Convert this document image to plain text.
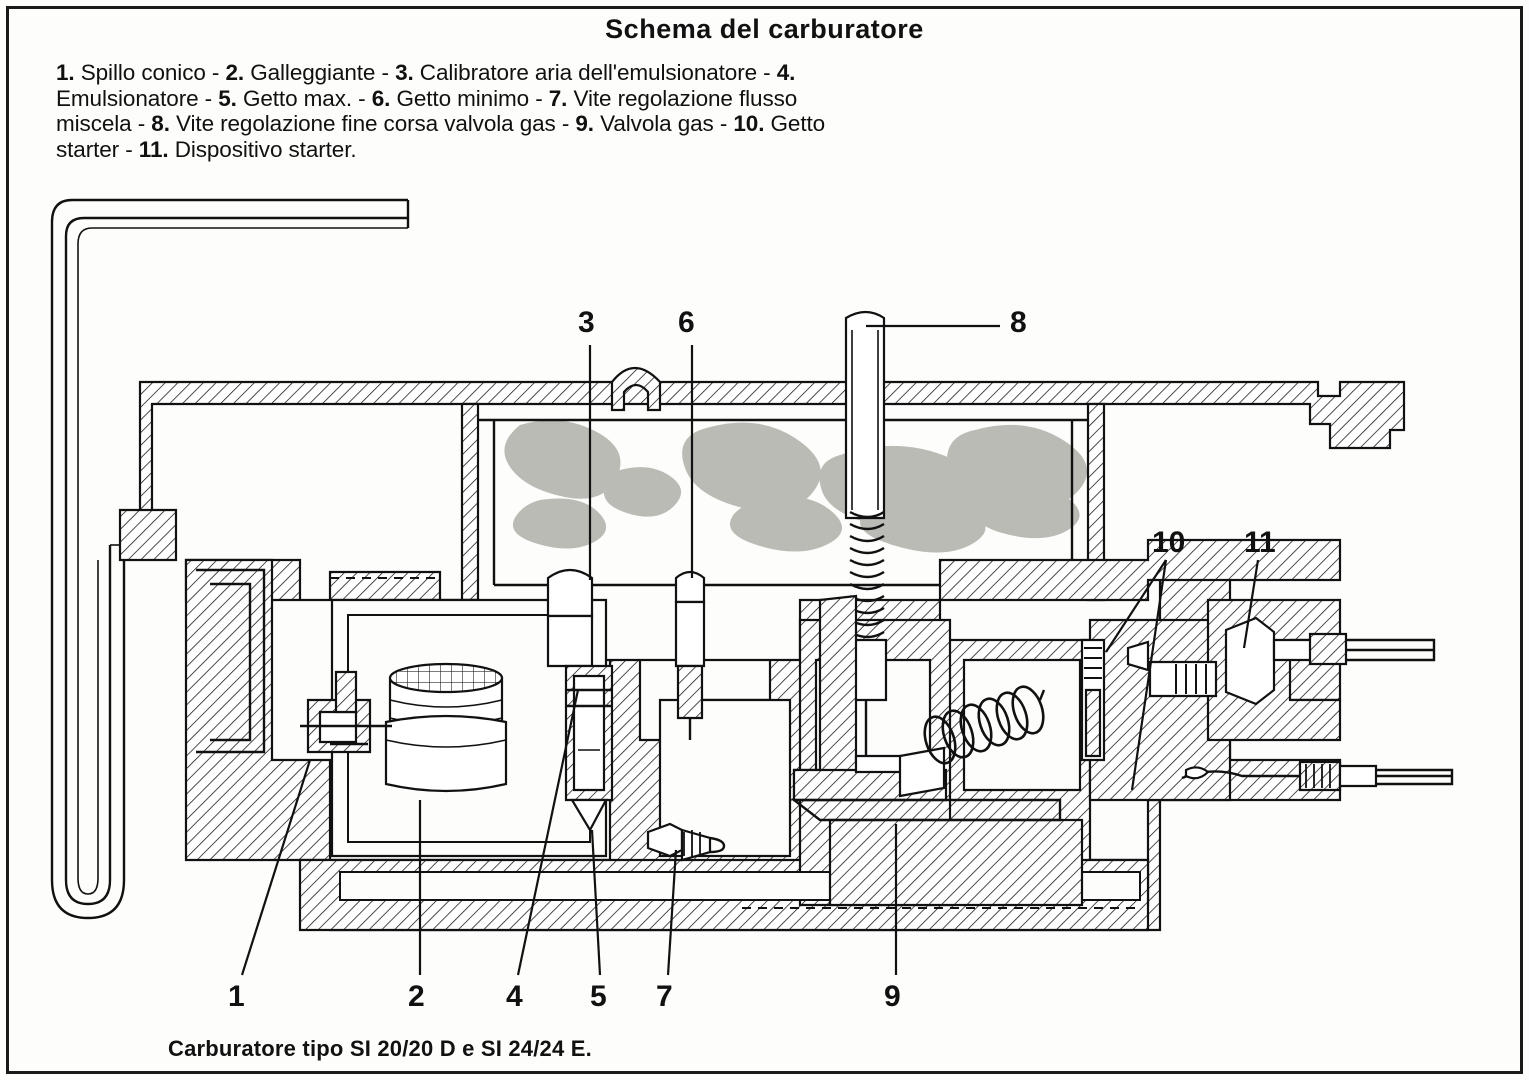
Schema del carburatore
1. Spillo conico - 2. Galleggiante - 3. Calibratore aria dell'emulsionatore - 4. Emulsionatore - 5. Getto max. - 6. Getto minimo - 7. Vite regolazione flusso miscela - 8. Vite regolazione fine corsa valvola gas - 9. Valvola gas - 10. Getto starter - 11. Dispositivo starter.
3	6	8
10 11
1	2	4 5 7	9
Carburatore tipo SI 20/20 D e SI 24/24 E.
